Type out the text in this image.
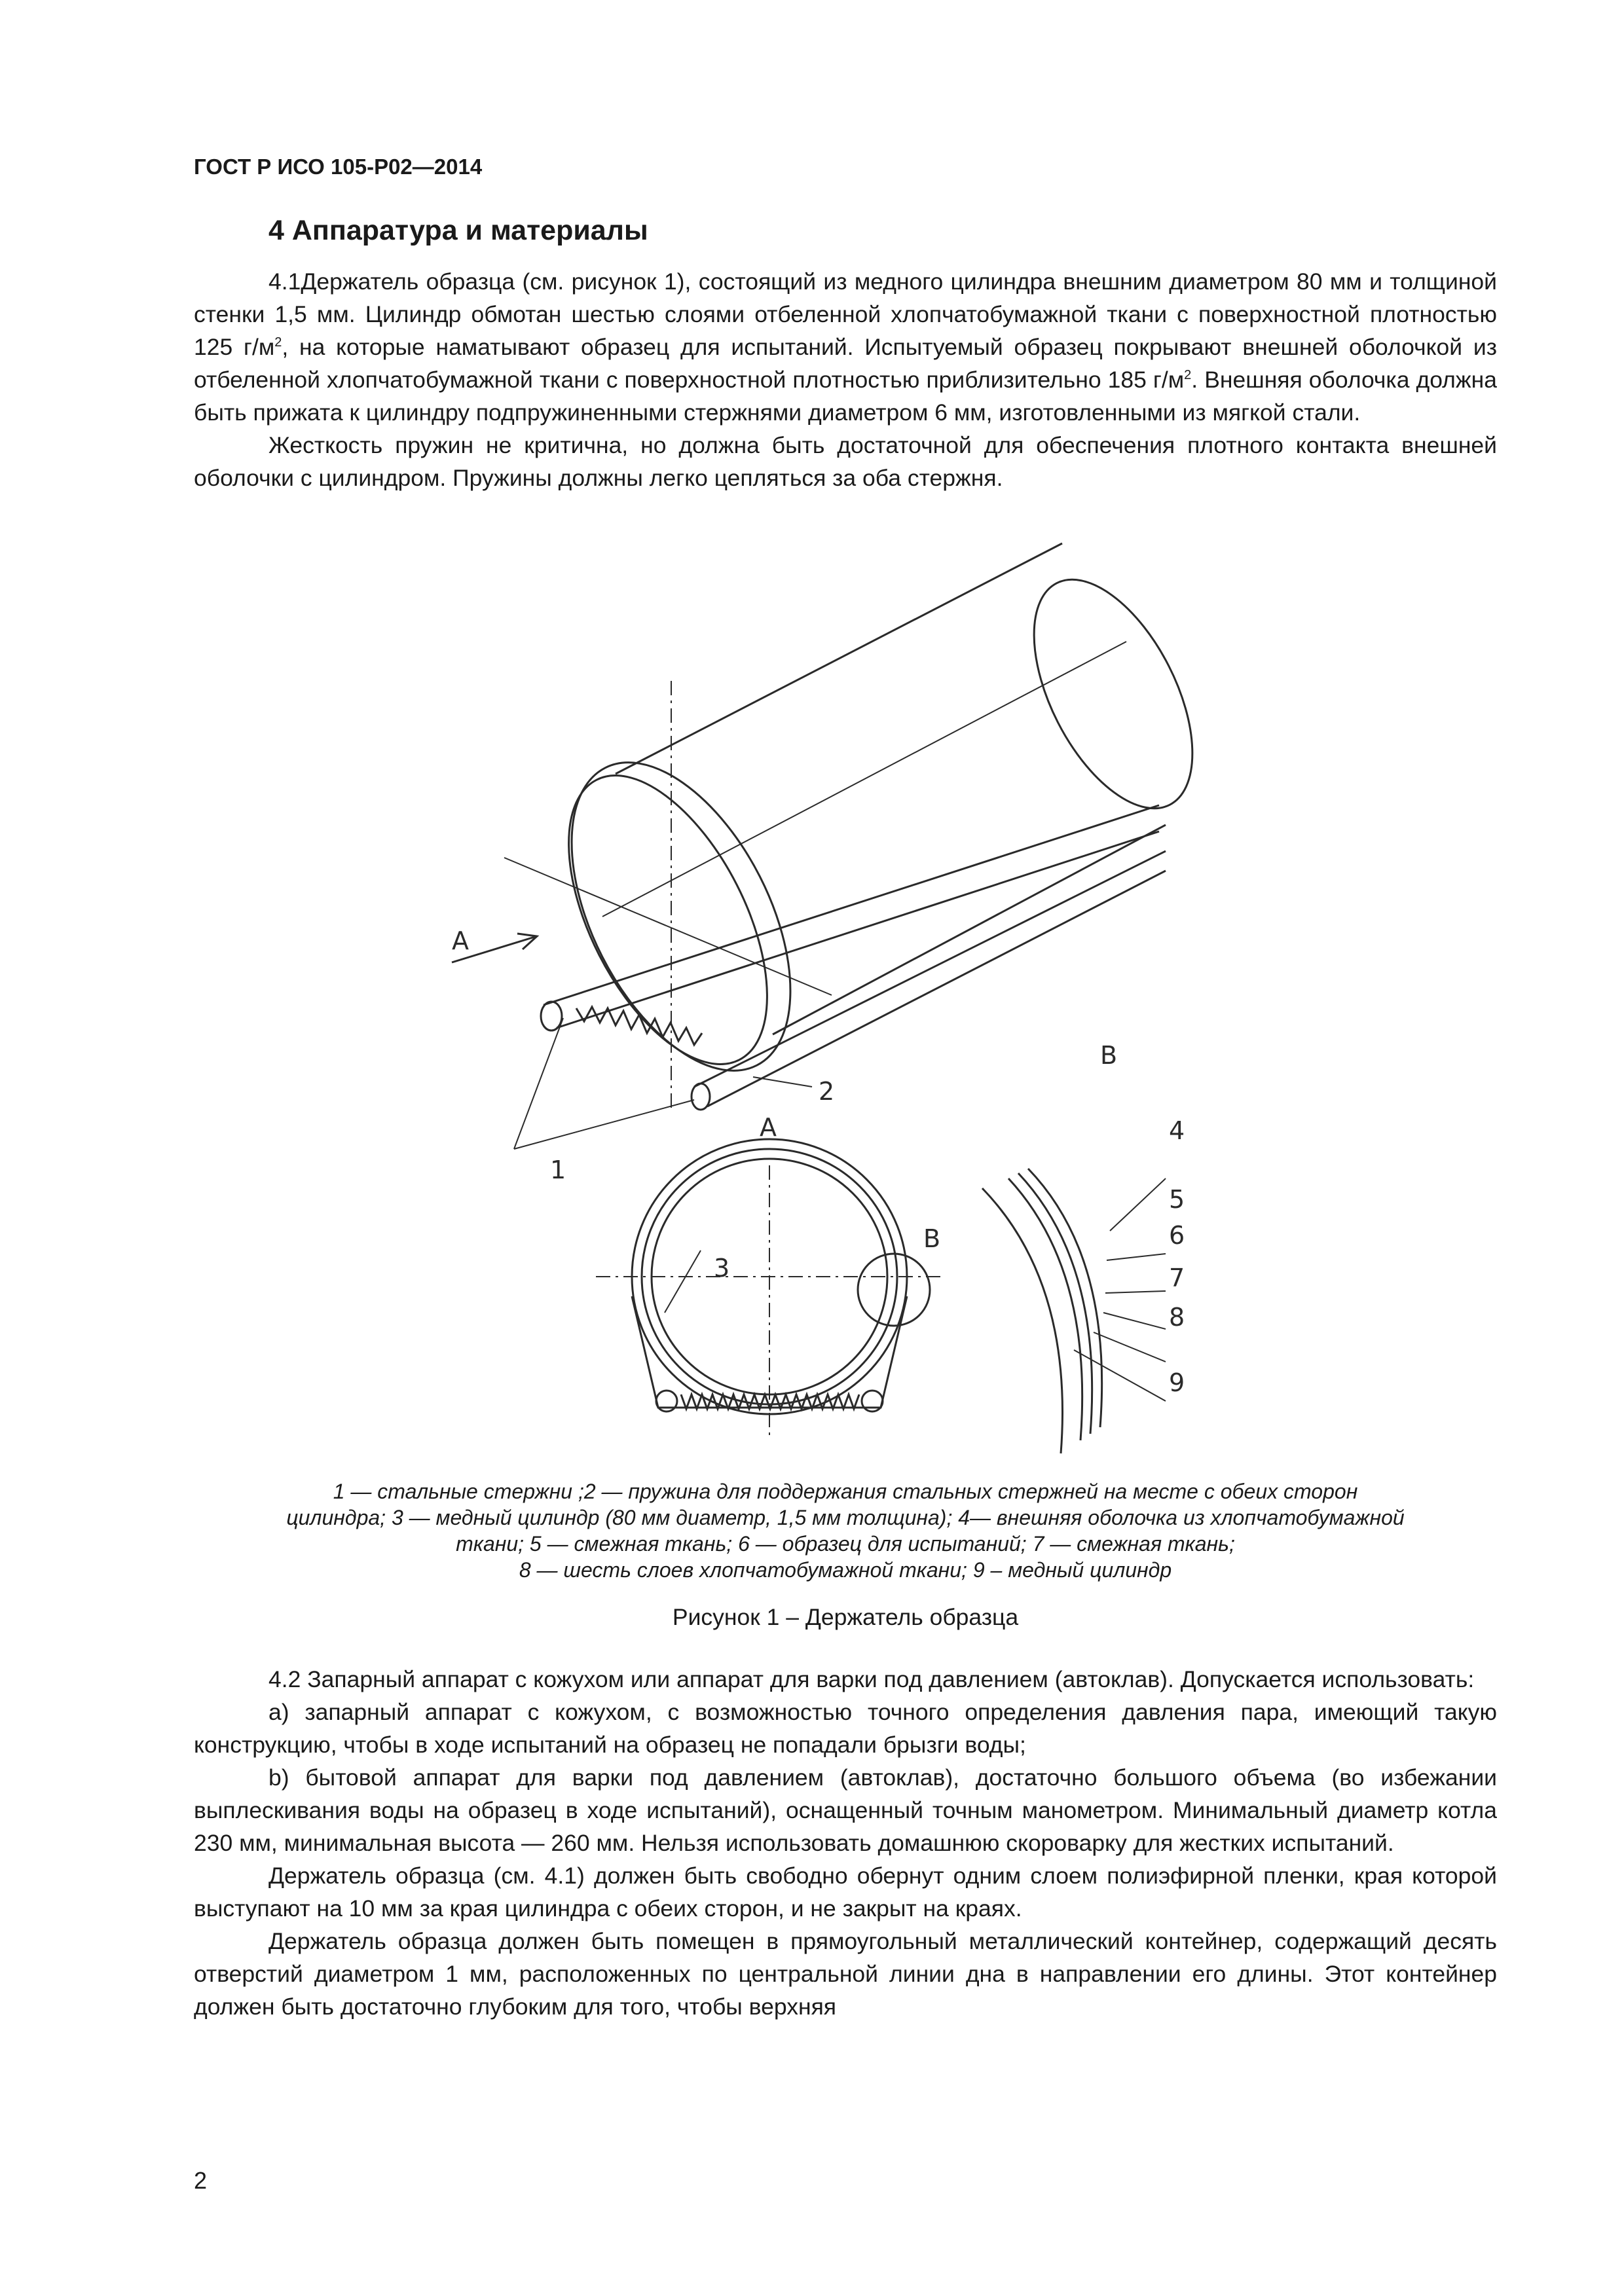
ГОСТ Р ИСО 105-Р02—2014
4 Аппаратура и материалы

4.1Держатель образца (см. рисунок 1), состоящий из медного цилиндра внешним диаметром 80 мм и толщиной стенки 1,5 мм. Цилиндр обмотан шестью слоями отбеленной хлопчатобумажной ткани с поверхностной плотностью 125 $г/м^2$, на которые наматывают образец для испытаний. Испытуемый образец покрывают внешней оболочкой из отбеленной хлопчатобумажной ткани с поверхностной плотностью приблизительно 185 $г/м^2$. Внешняя оболочка должна быть прижата к цилиндру подпружиненными стержнями диаметром 6 мм, изготовленными из мягкой стали.

Жесткость пружин не критична, но должна быть достаточной для обеспечения плотного контакта внешней оболочки с цилиндром. Пружины должны легко цепляться за оба стержня.

A
1
2
A
3
B
B
4
5
6
7
8
9
1 — стальные стержни ;2 — пружина для поддержания стальных стержней на месте с обеих сторон
цилиндра; 3 — медный цилиндр (80 мм диаметр, 1,5 мм толщина); 4— внешняя оболочка из хлопчатобумажной
ткани; 5 — смежная ткань; 6 — образец для испытаний; 7 — смежная ткань;
8 — шесть слоев хлопчатобумажной ткани; 9 – медный цилиндр
Рисунок 1 – Держатель образца

4.2 Запарный аппарат с кожухом или аппарат для варки под давлением (автоклав). Допускается использовать:

а) запарный аппарат с кожухом, с возможностью точного определения давления пара, имеющий такую конструкцию, чтобы в ходе испытаний на образец не попадали брызги воды;

b) бытовой аппарат для варки под давлением (автоклав), достаточно большого объема (во избежании выплескивания воды на образец в ходе испытаний), оснащенный точным манометром. Минимальный диаметр котла 230 мм, минимальная высота — 260 мм. Нельзя использовать домашнюю скороварку для жестких испытаний.

Держатель образца (см. 4.1) должен быть свободно обернут одним слоем полиэфирной пленки, края которой выступают на 10 мм за края цилиндра с обеих сторон, и не закрыт на краях.

Держатель образца должен быть помещен в прямоугольный металлический контейнер, содержащий десять отверстий диаметром 1 мм, расположенных по центральной линии дна в направлении его длины. Этот контейнер должен быть достаточно глубоким для того, чтобы верхняя

2
